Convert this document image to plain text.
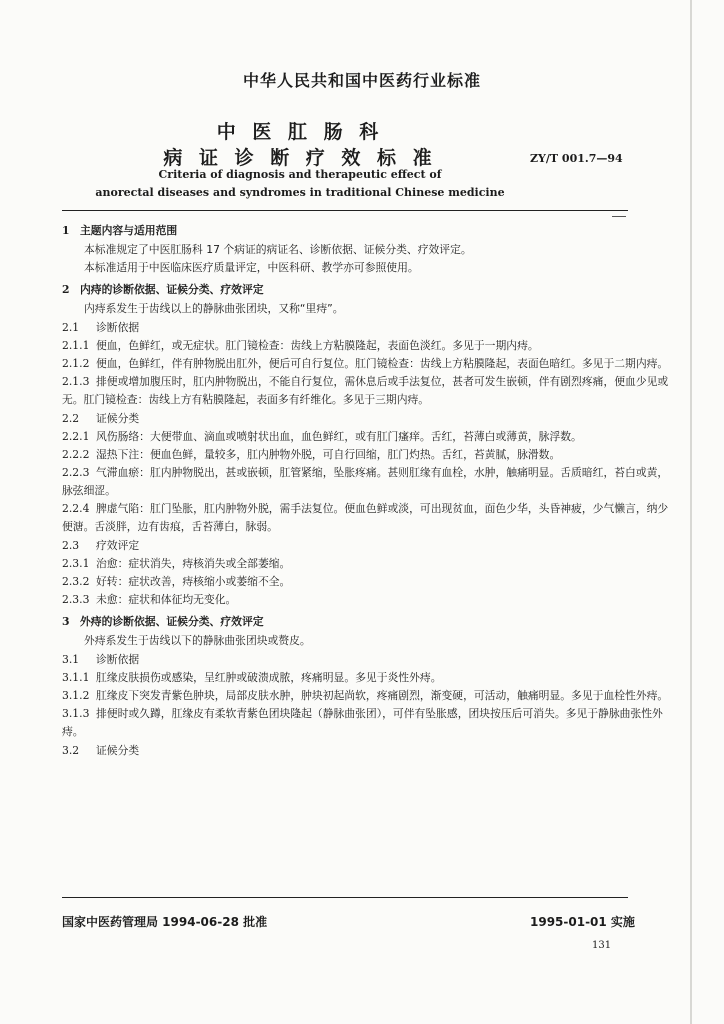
中华人民共和国中医药行业标准
中 医 肛 肠 科
病 证 诊 断 疗 效 标 准	ZY/T 001.7—94
Criteria of diagnosis and therapeutic effect of
anorectal diseases and syndromes in traditional Chinese medicine

1 主题内容与适用范围

本标准规定了中医肛肠科 17 个病证的病证名、诊断依据、证候分类、疗效评定。

本标准适用于中医临床医疗质量评定，中医科研、教学亦可参照使用。

2 内痔的诊断依据、证候分类、疗效评定

内痔系发生于齿线以上的静脉曲张团块，又称“里痔”。

2.1 诊断依据

2.1.1 便血，色鲜红，或无症状。肛门镜检查：齿线上方粘膜隆起，表面色淡红。多见于一期内痔。

2.1.2 便血，色鲜红，伴有肿物脱出肛外，便后可自行复位。肛门镜检查：齿线上方粘膜隆起，表面色暗红。多见于二期内痔。

2.1.3 排便或增加腹压时，肛内肿物脱出，不能自行复位，需休息后或手法复位，甚者可发生嵌顿，伴有剧烈疼痛，便血少见或无。肛门镜检查：齿线上方有粘膜隆起，表面多有纤维化。多见于三期内痔。

2.2 证候分类

2.2.1 风伤肠络：大便带血、滴血或喷射状出血，血色鲜红，或有肛门瘙痒。舌红，苔薄白或薄黄，脉浮数。

2.2.2 湿热下注：便血色鲜，量较多，肛内肿物外脱，可自行回缩，肛门灼热。舌红，苔黄腻，脉滑数。

2.2.3 气滞血瘀：肛内肿物脱出，甚或嵌顿，肛管紧缩，坠胀疼痛。甚则肛缘有血栓，水肿，触痛明显。舌质暗红，苔白或黄，脉弦细涩。

2.2.4 脾虚气陷：肛门坠胀，肛内肿物外脱，需手法复位。便血色鲜或淡，可出现贫血，面色少华，头昏神疲，少气懒言，纳少便溏。舌淡胖，边有齿痕，舌苔薄白，脉弱。

2.3 疗效评定

2.3.1 治愈：症状消失，痔核消失或全部萎缩。

2.3.2 好转：症状改善，痔核缩小或萎缩不全。

2.3.3 未愈：症状和体征均无变化。

3 外痔的诊断依据、证候分类、疗效评定

外痔系发生于齿线以下的静脉曲张团块或赘皮。

3.1 诊断依据

3.1.1 肛缘皮肤损伤或感染，呈红肿或破溃成脓，疼痛明显。多见于炎性外痔。

3.1.2 肛缘皮下突发青紫色肿块，局部皮肤水肿，肿块初起尚软，疼痛剧烈，渐变硬，可活动，触痛明显。多见于血栓性外痔。

3.1.3 排便时或久蹲，肛缘皮有柔软青紫色团块隆起（静脉曲张团），可伴有坠胀感，团块按压后可消失。多见于静脉曲张性外痔。

3.2 证候分类

国家中医药管理局 1994-06-28 批准	1995-01-01 实施
131
